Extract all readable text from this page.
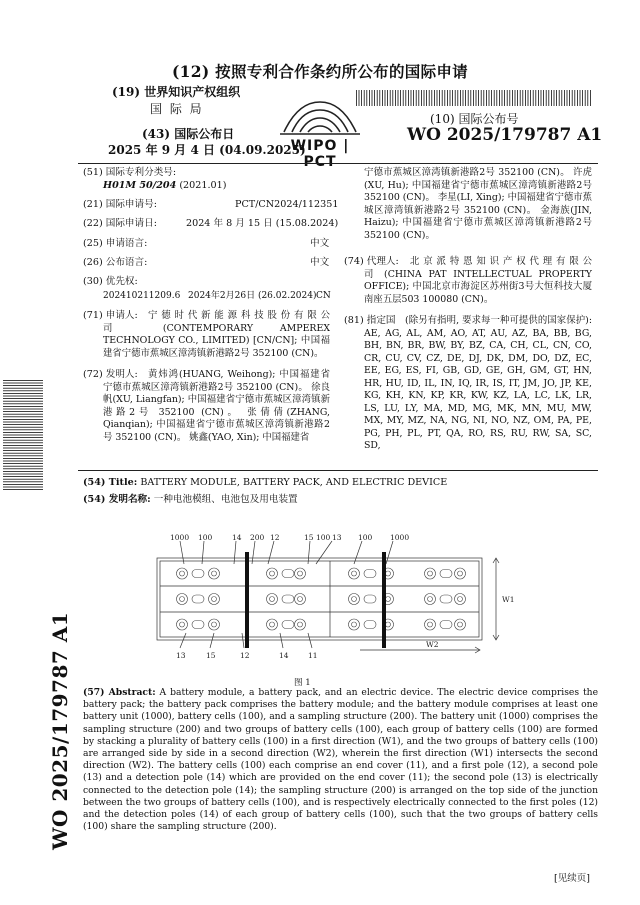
(12) 按照专利合作条约所公布的国际申请
(19) 世界知识产权组织
国 际 局
(43) 国际公布日
2025 年 9 月 4 日 (04.09.2025)
WIPO | PCT
(10) 国际公布号
WO 2025/179787 A1
(51) 国际专利分类号:
H01M 50/204 (2021.01)
(21) 国际申请号:	PCT/CN2024/112351
(22) 国际申请日:	2024 年 8 月 15 日 (15.08.2024)
(25) 申请语言:	中文
(26) 公布语言:	中文
(30) 优先权:
202410211209.6 2024年2月26日 (26.02.2024) CN
(71) 申请人:	宁 德 时 代 新 能 源 科 技 股 份 有 限 公 司 (CONTEMPORARY AMPEREX TECHNOLOGY CO., LIMITED) [CN/CN]; 中国福建省宁德市蕉城区漳湾镇新港路2号 352100 (CN)。
(72) 发明人:	黄炜鸿(HUANG, Weihong); 中国福建省宁德市蕉城区漳湾镇新港路2号 352100 (CN)。 徐良帆(XU, Liangfan); 中国福建省宁德市蕉城区漳湾镇新港路2号 352100 (CN)。 张倩倩(ZHANG, Qianqian); 中国福建省宁德市蕉城区漳湾镇新港路2号 352100 (CN)。 姚鑫(YAO, Xin); 中国福建省
宁德市蕉城区漳湾镇新港路2号 352100 (CN)。 许虎(XU, Hu); 中国福建省宁德市蕉城区漳湾镇新港路2号 352100 (CN)。 李星(LI, Xing); 中国福建省宁德市蕉城区漳湾镇新港路2号 352100 (CN)。 金海族(JIN, Haizu); 中国福建省宁德市蕉城区漳湾镇新港路2号 352100 (CN)。
(74) 代理人:	北 京 派 特 恩 知 识 产 权 代 理 有 限 公 司 (CHINA PAT INTELLECTUAL PROPERTY OFFICE); 中国北京市海淀区苏州街3号大恒科技大厦南座五层503 100080 (CN)。
(81) 指定国	(除另有指明, 要求每一种可提供的国家保护): AE, AG, AL, AM, AO, AT, AU, AZ, BA, BB, BG, BH, BN, BR, BW, BY, BZ, CA, CH, CL, CN, CO, CR, CU, CV, CZ, DE, DJ, DK, DM, DO, DZ, EC, EE, EG, ES, FI, GB, GD, GE, GH, GM, GT, HN, HR, HU, ID, IL, IN, IQ, IR, IS, IT, JM, JO, JP, KE, KG, KH, KN, KP, KR, KW, KZ, LA, LC, LK, LR, LS, LU, LY, MA, MD, MG, MK, MN, MU, MW, MX, MY, MZ, NA, NG, NI, NO, NZ, OM, PA, PE, PG, PH, PL, PT, QA, RO, RS, RU, RW, SA, SC, SD,
(54) Title: BATTERY MODULE, BATTERY PACK, AND ELECTRIC DEVICE
(54) 发明名称: 一种电池模组、电池包及用电装置
1000 100	14 200 12	15 100 13 100 1000
13	15	12	14	11
W1
W2
图 1
(57) Abstract: A battery module, a battery pack, and an electric device. The electric device comprises the battery pack; the battery pack comprises the battery module; and the battery module comprises at least one battery unit (1000), battery cells (100), and a sampling structure (200). The battery unit (1000) comprises the sampling structure (200) and two groups of battery cells (100), each group of battery cells (100) are formed by stacking a plurality of battery cells (100) in a first direction (W1), and the two groups of battery cells (100) are arranged side by side in a second direction (W2), wherein the first direction (W1) intersects the second direction (W2). The battery cells (100) each comprise an end cover (11), and a first pole (12), a second pole (13) and a detection pole (14) which are provided on the end cover (11); the second pole (13) is electrically connected to the detection pole (14); the sampling structure (200) is arranged on the top side of the junction between the two groups of battery cells (100), and is respectively electrically connected to the first poles (12) and the detection poles (14) of each group of battery cells (100), such that the two groups of battery cells (100) share the sampling structure (200).
WO 2025/179787 A1
[见续页]
